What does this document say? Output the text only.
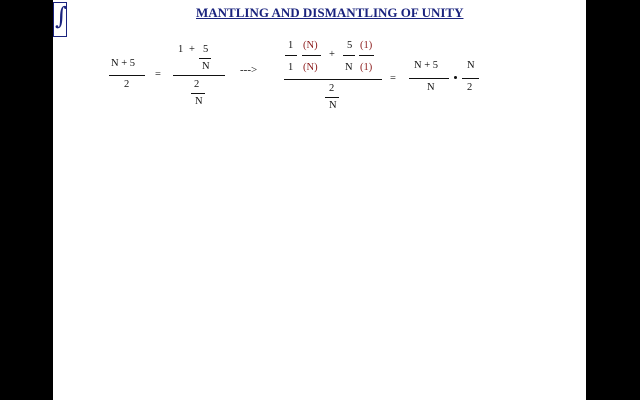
∫	MANTLING AND DISMANTLING OF UNITY
N + 5
2
=
1 + 5
N
2
N
--->
1
1
(N)
(N)
+
5
N
(1)
(1)
2
N
=
N + 5
N
N
2
